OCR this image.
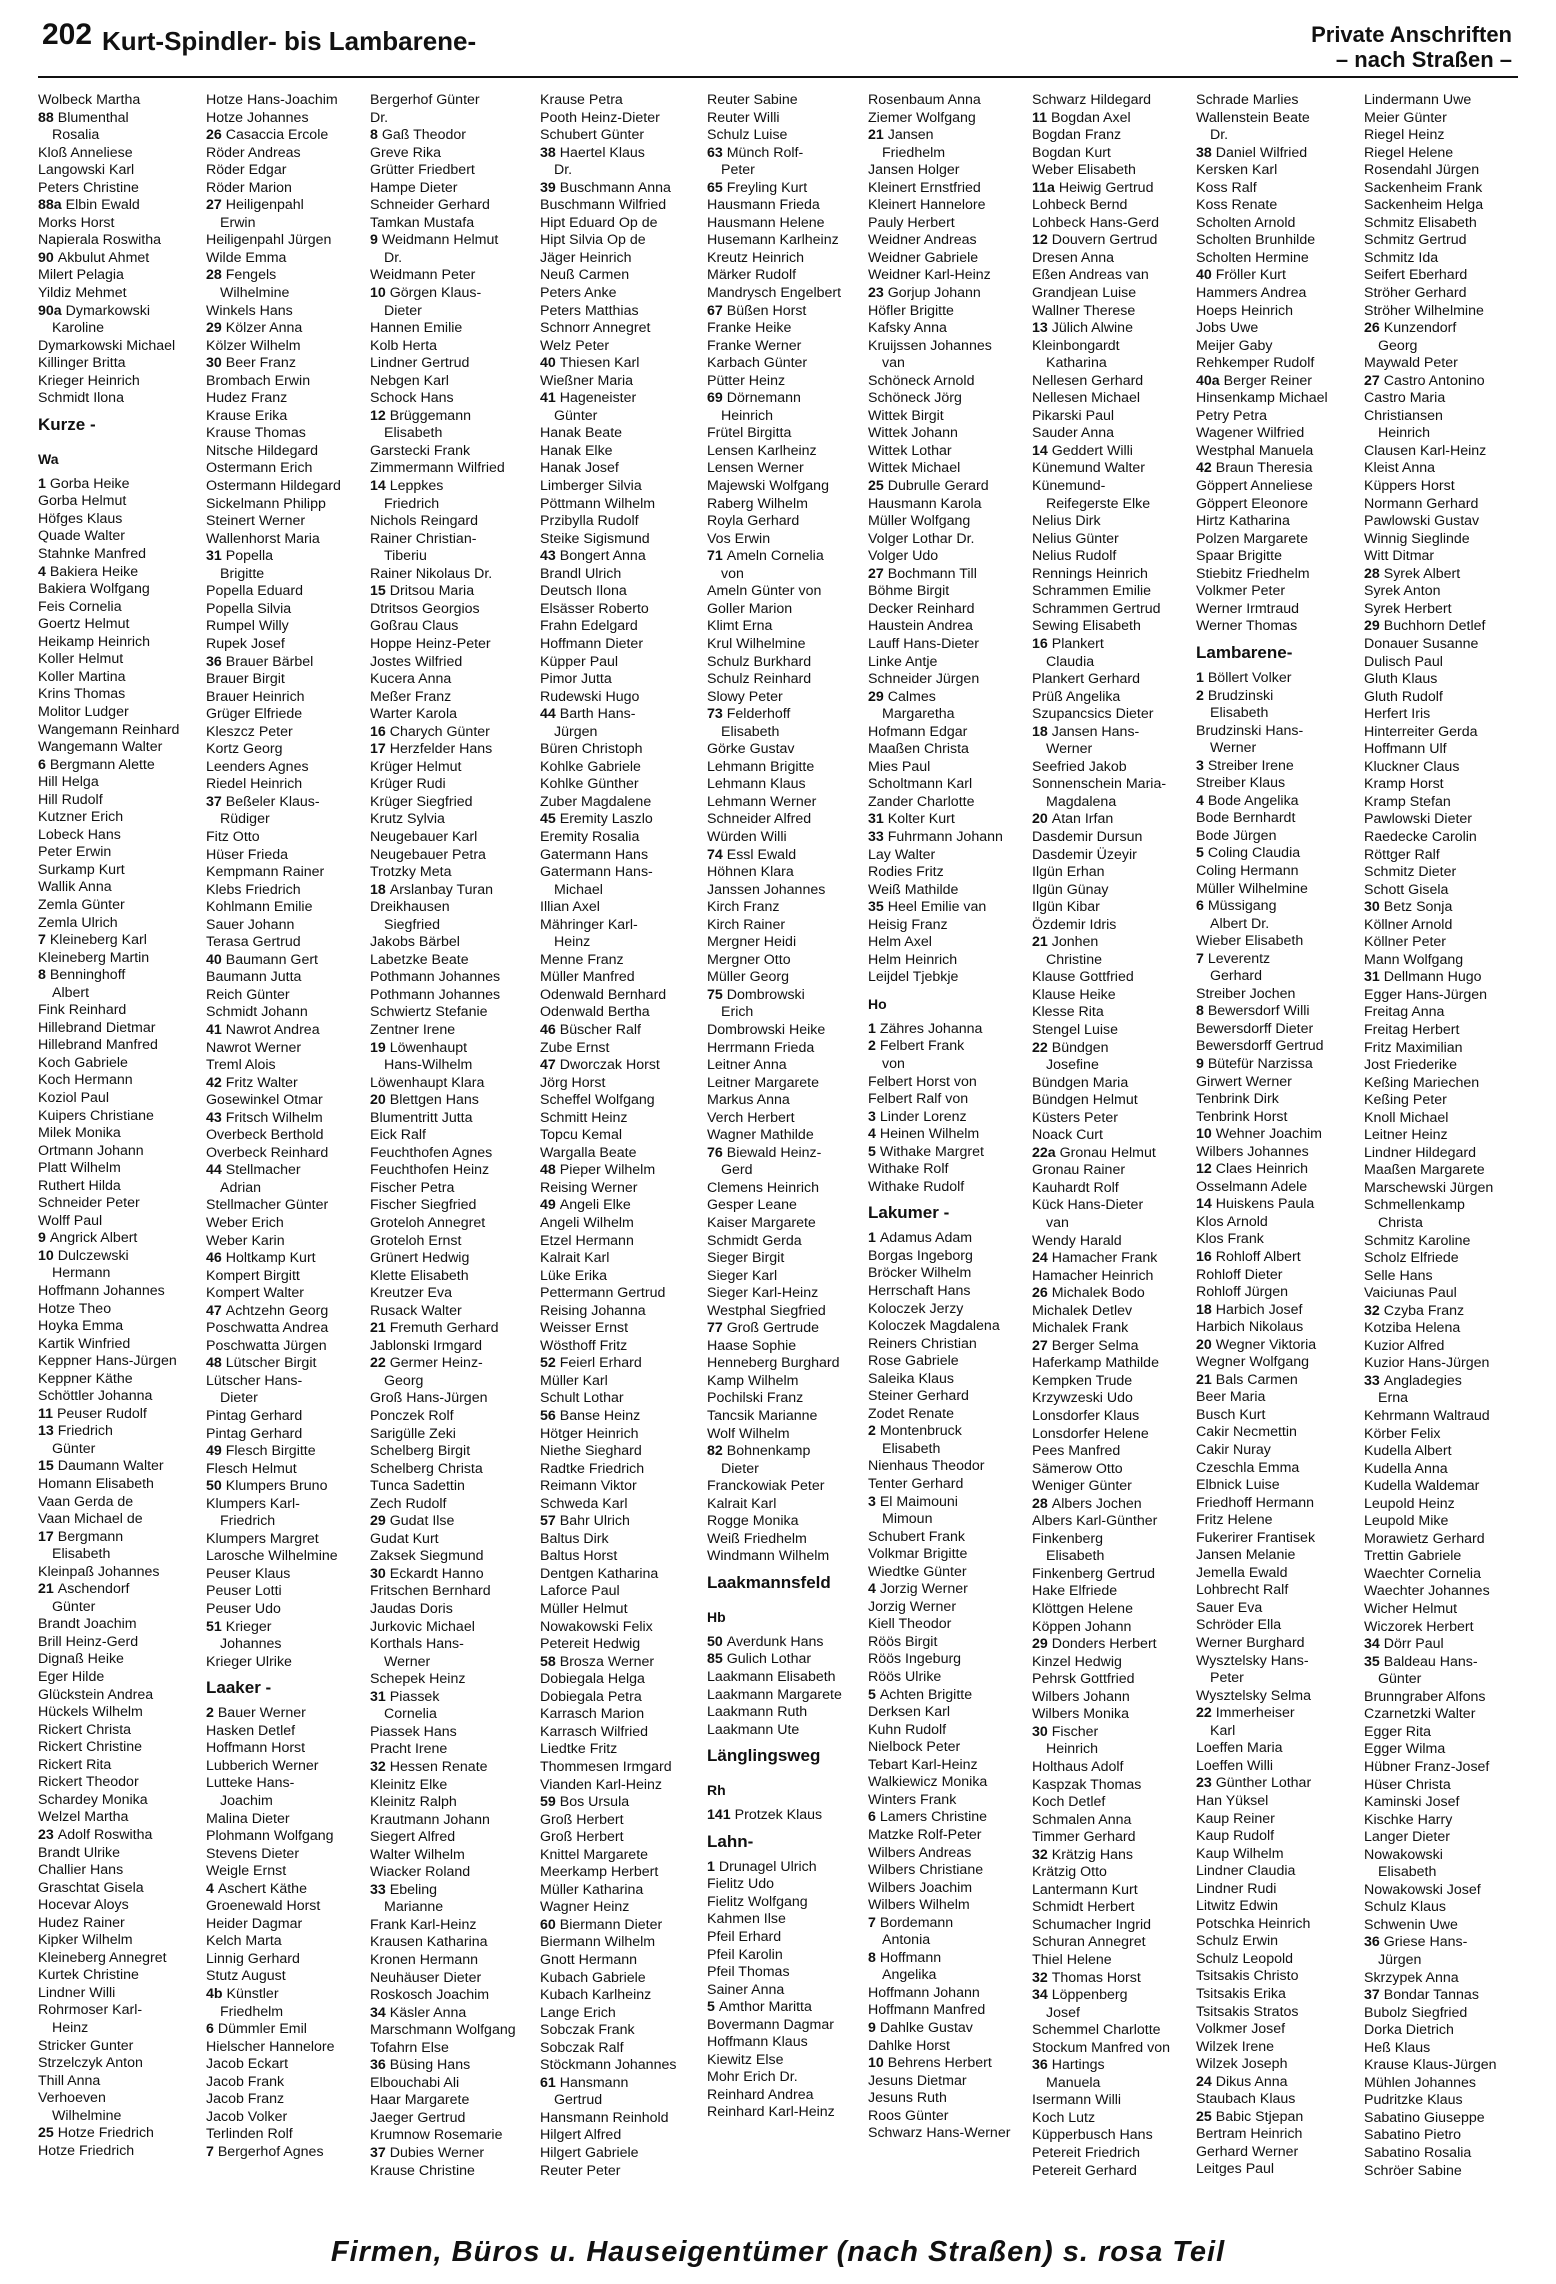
202 Kurt-Spindler- bis Lambarene-	Private Anschriften
– nach Straßen –
Wolbeck Martha
88 Blumenthal
Rosalia
Kloß Anneliese
Langowski Karl
Peters Christine
88a Elbin Ewald
Morks Horst
Napierala Roswitha
90 Akbulut Ahmet
Milert Pelagia
Yildiz Mehmet
90a Dymarkowski
Karoline
Dymarkowski Michael
Killinger Britta
Krieger Heinrich
Schmidt Ilona
Kurze -
Wa
1 Gorba Heike
Gorba Helmut
Höfges Klaus
Quade Walter
Stahnke Manfred
4 Bakiera Heike
Bakiera Wolfgang
Feis Cornelia
Goertz Helmut
Heikamp Heinrich
Koller Helmut
Koller Martina
Krins Thomas
Molitor Ludger
Wangemann Reinhard
Wangemann Walter
6 Bergmann Alette
Hill Helga
Hill Rudolf
Kutzner Erich
Lobeck Hans
Peter Erwin
Surkamp Kurt
Wallik Anna
Zemla Günter
Zemla Ulrich
7 Kleineberg Karl
Kleineberg Martin
8 Benninghoff
Albert
Fink Reinhard
Hillebrand Dietmar
Hillebrand Manfred
Koch Gabriele
Koch Hermann
Koziol Paul
Kuipers Christiane
Milek Monika
Ortmann Johann
Platt Wilhelm
Ruthert Hilda
Schneider Peter
Wolff Paul
9 Angrick Albert
10 Dulczewski
Hermann
Hoffmann Johannes
Hotze Theo
Hoyka Emma
Kartik Winfried
Keppner Hans-Jürgen
Keppner Käthe
Schöttler Johanna
11 Peuser Rudolf
13 Friedrich
Günter
15 Daumann Walter
Homann Elisabeth
Vaan Gerda de
Vaan Michael de
17 Bergmann
Elisabeth
Kleinpaß Johannes
21 Aschendorf
Günter
Brandt Joachim
Brill Heinz-Gerd
Dignaß Heike
Eger Hilde
Glückstein Andrea
Hückels Wilhelm
Rickert Christa
Rickert Christine
Rickert Rita
Rickert Theodor
Schardey Monika
Welzel Martha
23 Adolf Roswitha
Brandt Ulrike
Challier Hans
Graschtat Gisela
Hocevar Aloys
Hudez Rainer
Kipker Wilhelm
Kleineberg Annegret
Kurtek Christine
Lindner Willi
Rohrmoser Karl-
Heinz
Stricker Gunter
Strzelczyk Anton
Thill Anna
Verhoeven
Wilhelmine
25 Hotze Friedrich
Hotze Friedrich
Hotze Hans-Joachim
Hotze Johannes
26 Casaccia Ercole
Röder Andreas
Röder Edgar
Röder Marion
27 Heiligenpahl
Erwin
Heiligenpahl Jürgen
Wilde Emma
28 Fengels
Wilhelmine
Winkels Hans
29 Kölzer Anna
Kölzer Wilhelm
30 Beer Franz
Brombach Erwin
Hudez Franz
Krause Erika
Krause Thomas
Nitsche Hildegard
Ostermann Erich
Ostermann Hildegard
Sickelmann Philipp
Steinert Werner
Wallenhorst Maria
31 Popella
Brigitte
Popella Eduard
Popella Silvia
Rumpel Willy
Rupek Josef
36 Brauer Bärbel
Brauer Birgit
Brauer Heinrich
Grüger Elfriede
Kleszcz Peter
Kortz Georg
Leenders Agnes
Riedel Heinrich
37 Beßeler Klaus-
Rüdiger
Fitz Otto
Hüser Frieda
Kempmann Rainer
Klebs Friedrich
Kohlmann Emilie
Sauer Johann
Terasa Gertrud
40 Baumann Gert
Baumann Jutta
Reich Günter
Schmidt Johann
41 Nawrot Andrea
Nawrot Werner
Treml Alois
42 Fritz Walter
Gosewinkel Otmar
43 Fritsch Wilhelm
Overbeck Berthold
Overbeck Reinhard
44 Stellmacher
Adrian
Stellmacher Günter
Weber Erich
Weber Karin
46 Holtkamp Kurt
Kompert Birgitt
Kompert Walter
47 Achtzehn Georg
Poschwatta Andrea
Poschwatta Jürgen
48 Lütscher Birgit
Lütscher Hans-
Dieter
Pintag Gerhard
Pintag Gerhard
49 Flesch Birgitte
Flesch Helmut
50 Klumpers Bruno
Klumpers Karl-
Friedrich
Klumpers Margret
Larosche Wilhelmine
Peuser Klaus
Peuser Lotti
Peuser Udo
51 Krieger
Johannes
Krieger Ulrike
Laaker -
2 Bauer Werner
Hasken Detlef
Hoffmann Horst
Lubberich Werner
Lutteke Hans-
Joachim
Malina Dieter
Plohmann Wolfgang
Stevens Dieter
Weigle Ernst
4 Aschert Käthe
Groenewald Horst
Heider Dagmar
Kelch Marta
Linnig Gerhard
Stutz August
4b Künstler
Friedhelm
6 Dümmler Emil
Hielscher Hannelore
Jacob Eckart
Jacob Frank
Jacob Franz
Jacob Volker
Terlinden Rolf
7 Bergerhof Agnes
Bergerhof Günter
Dr.
8 Gaß Theodor
Greve Rika
Grütter Friedbert
Hampe Dieter
Schneider Gerhard
Tamkan Mustafa
9 Weidmann Helmut
Dr.
Weidmann Peter
10 Görgen Klaus-
Dieter
Hannen Emilie
Kolb Herta
Lindner Gertrud
Nebgen Karl
Schock Hans
12 Brüggemann
Elisabeth
Garstecki Frank
Zimmermann Wilfried
14 Leppkes
Friedrich
Nichols Reingard
Rainer Christian-
Tiberiu
Rainer Nikolaus Dr.
15 Dritsou Maria
Dtritsos Georgios
Goßrau Claus
Hoppe Heinz-Peter
Jostes Wilfried
Kucera Anna
Meßer Franz
Warter Karola
16 Charych Günter
17 Herzfelder Hans
Krüger Helmut
Krüger Rudi
Krüger Siegfried
Krutz Sylvia
Neugebauer Karl
Neugebauer Petra
Trotzky Meta
18 Arslanbay Turan
Dreikhausen
Siegfried
Jakobs Bärbel
Labetzke Beate
Pothmann Johannes
Pothmann Johannes
Schwiertz Stefanie
Zentner Irene
19 Löwenhaupt
Hans-Wilhelm
Löwenhaupt Klara
20 Blettgen Hans
Blumentritt Jutta
Eick Ralf
Feuchthofen Agnes
Feuchthofen Heinz
Fischer Petra
Fischer Siegfried
Groteloh Annegret
Groteloh Ernst
Grünert Hedwig
Klette Elisabeth
Kreutzer Eva
Rusack Walter
21 Fremuth Gerhard
Jablonski Irmgard
22 Germer Heinz-
Georg
Groß Hans-Jürgen
Ponczek Rolf
Sarigülle Zeki
Schelberg Birgit
Schelberg Christa
Tunca Sadettin
Zech Rudolf
29 Gudat Ilse
Gudat Kurt
Zaksek Siegmund
30 Eckardt Hanno
Fritschen Bernhard
Jaudas Doris
Jurkovic Michael
Korthals Hans-
Werner
Schepek Heinz
31 Piassek
Cornelia
Piassek Hans
Pracht Irene
32 Hessen Renate
Kleinitz Elke
Kleinitz Ralph
Krautmann Johann
Siegert Alfred
Walter Wilhelm
Wiacker Roland
33 Ebeling
Marianne
Frank Karl-Heinz
Krausen Katharina
Kronen Hermann
Neuhäuser Dieter
Roskosch Joachim
34 Käsler Anna
Marschmann Wolfgang
Tofahrn Else
36 Büsing Hans
Elbouchabi Ali
Haar Margarete
Jaeger Gertrud
Krumnow Rosemarie
37 Dubies Werner
Krause Christine
Krause Petra
Pooth Heinz-Dieter
Schubert Günter
38 Haertel Klaus
Dr.
39 Buschmann Anna
Buschmann Wilfried
Hipt Eduard Op de
Hipt Silvia Op de
Jäger Heinrich
Neuß Carmen
Peters Anke
Peters Matthias
Schnorr Annegret
Welz Peter
40 Thiesen Karl
Wießner Maria
41 Hageneister
Günter
Hanak Beate
Hanak Elke
Hanak Josef
Limberger Silvia
Pöttmann Wilhelm
Przibylla Rudolf
Steike Sigismund
43 Bongert Anna
Brandl Ulrich
Deutsch Ilona
Elsässer Roberto
Frahn Edelgard
Hoffmann Dieter
Küpper Paul
Pimor Jutta
Rudewski Hugo
44 Barth Hans-
Jürgen
Büren Christoph
Kohlke Gabriele
Kohlke Günther
Zuber Magdalene
45 Eremity Laszlo
Eremity Rosalia
Gatermann Hans
Gatermann Hans-
Michael
Illian Axel
Mähringer Karl-
Heinz
Menne Franz
Müller Manfred
Odenwald Bernhard
Odenwald Bertha
46 Büscher Ralf
Zube Ernst
47 Dworczak Horst
Jörg Horst
Scheffel Wolfgang
Schmitt Heinz
Topcu Kemal
Wargalla Beate
48 Pieper Wilhelm
Reising Werner
49 Angeli Elke
Angeli Wilhelm
Etzel Hermann
Kalrait Karl
Lüke Erika
Pettermann Gertrud
Reising Johanna
Weisser Ernst
Wösthoff Fritz
52 Feierl Erhard
Müller Karl
Schult Lothar
56 Banse Heinz
Hötger Heinrich
Niethe Sieghard
Radtke Friedrich
Reimann Viktor
Schweda Karl
57 Bahr Ulrich
Baltus Dirk
Baltus Horst
Dentgen Katharina
Laforce Paul
Müller Helmut
Nowakowski Felix
Petereit Hedwig
58 Brosza Werner
Dobiegala Helga
Dobiegala Petra
Karrasch Marion
Karrasch Wilfried
Liedtke Fritz
Thommesen Irmgard
Vianden Karl-Heinz
59 Bos Ursula
Groß Herbert
Groß Herbert
Knittel Margarete
Meerkamp Herbert
Müller Katharina
Wagner Heinz
60 Biermann Dieter
Biermann Wilhelm
Gnott Hermann
Kubach Gabriele
Kubach Karlheinz
Lange Erich
Sobczak Frank
Sobczak Ralf
Stöckmann Johannes
61 Hansmann
Gertrud
Hansmann Reinhold
Hilgert Alfred
Hilgert Gabriele
Reuter Peter
Reuter Sabine
Reuter Willi
Schulz Luise
63 Münch Rolf-
Peter
65 Freyling Kurt
Hausmann Frieda
Hausmann Helene
Husemann Karlheinz
Kreutz Heinrich
Märker Rudolf
Mandrysch Engelbert
67 Büßen Horst
Franke Heike
Franke Werner
Karbach Günter
Pütter Heinz
69 Dörnemann
Heinrich
Frütel Birgitta
Lensen Karlheinz
Lensen Werner
Majewski Wolfgang
Raberg Wilhelm
Royla Gerhard
Vos Erwin
71 Ameln Cornelia
von
Ameln Günter von
Goller Marion
Klimt Erna
Krul Wilhelmine
Schulz Burkhard
Schulz Reinhard
Slowy Peter
73 Felderhoff
Elisabeth
Görke Gustav
Lehmann Brigitte
Lehmann Klaus
Lehmann Werner
Schneider Alfred
Würden Willi
74 Essl Ewald
Höhnen Klara
Janssen Johannes
Kirch Franz
Kirch Rainer
Mergner Heidi
Mergner Otto
Müller Georg
75 Dombrowski
Erich
Dombrowski Heike
Herrmann Frieda
Leitner Anna
Leitner Margarete
Markus Anna
Verch Herbert
Wagner Mathilde
76 Biewald Heinz-
Gerd
Clemens Heinrich
Gesper Leane
Kaiser Margarete
Schmidt Gerda
Sieger Birgit
Sieger Karl
Sieger Karl-Heinz
Westphal Siegfried
77 Groß Gertrude
Haase Sophie
Henneberg Burghard
Kamp Wilhelm
Pochilski Franz
Tancsik Marianne
Wolf Wilhelm
82 Bohnenkamp
Dieter
Franckowiak Peter
Kalrait Karl
Rogge Monika
Weiß Friedhelm
Windmann Wilhelm
Laakmannsfeld
Hb
50 Averdunk Hans
85 Gulich Lothar
Laakmann Elisabeth
Laakmann Margarete
Laakmann Ruth
Laakmann Ute
Länglingsweg
Rh
141 Protzek Klaus
Lahn-
1 Drunagel Ulrich
Fielitz Udo
Fielitz Wolfgang
Kahmen Ilse
Pfeil Erhard
Pfeil Karolin
Pfeil Thomas
Sainer Anna
5 Amthor Maritta
Bovermann Dagmar
Hoffmann Klaus
Kiewitz Else
Mohr Erich Dr.
Reinhard Andrea
Reinhard Karl-Heinz
Rosenbaum Anna
Ziemer Wolfgang
21 Jansen
Friedhelm
Jansen Holger
Kleinert Ernstfried
Kleinert Hannelore
Pauly Herbert
Weidner Andreas
Weidner Gabriele
Weidner Karl-Heinz
23 Gorjup Johann
Höfler Brigitte
Kafsky Anna
Kruijssen Johannes
van
Schöneck Arnold
Schöneck Jörg
Wittek Birgit
Wittek Johann
Wittek Lothar
Wittek Michael
25 Dubrulle Gerard
Hausmann Karola
Müller Wolfgang
Volger Lothar Dr.
Volger Udo
27 Bochmann Till
Böhme Birgit
Decker Reinhard
Haustein Andrea
Lauff Hans-Dieter
Linke Antje
Schneider Jürgen
29 Calmes
Margaretha
Hofmann Edgar
Maaßen Christa
Mies Paul
Scholtmann Karl
Zander Charlotte
31 Kolter Kurt
33 Fuhrmann Johann
Lay Walter
Rodies Fritz
Weiß Mathilde
35 Heel Emilie van
Heisig Franz
Helm Axel
Helm Heinrich
Leijdel Tjebkje
Ho
1 Zähres Johanna
2 Felbert Frank
von
Felbert Horst von
Felbert Ralf von
3 Linder Lorenz
4 Heinen Wilhelm
5 Withake Margret
Withake Rolf
Withake Rudolf
Lakumer -
1 Adamus Adam
Borgas Ingeborg
Bröcker Wilhelm
Herrschaft Hans
Koloczek Jerzy
Koloczek Magdalena
Reiners Christian
Rose Gabriele
Saleika Klaus
Steiner Gerhard
Zodet Renate
2 Montenbruck
Elisabeth
Nienhaus Theodor
Tenter Gerhard
3 El Maimouni
Mimoun
Schubert Frank
Volkmar Brigitte
Wiedtke Günter
4 Jorzig Werner
Jorzig Werner
Kiell Theodor
Röös Birgit
Röös Ingeburg
Röös Ulrike
5 Achten Brigitte
Derksen Karl
Kuhn Rudolf
Nielbock Peter
Tebart Karl-Heinz
Walkiewicz Monika
Winters Frank
6 Lamers Christine
Matzke Rolf-Peter
Wilbers Andreas
Wilbers Christiane
Wilbers Joachim
Wilbers Wilhelm
7 Bordemann
Antonia
8 Hoffmann
Angelika
Hoffmann Johann
Hoffmann Manfred
9 Dahlke Gustav
Dahlke Horst
10 Behrens Herbert
Jesuns Dietmar
Jesuns Ruth
Roos Günter
Schwarz Hans-Werner
Schwarz Hildegard
11 Bogdan Axel
Bogdan Franz
Bogdan Kurt
Weber Elisabeth
11a Heiwig Gertrud
Lohbeck Bernd
Lohbeck Hans-Gerd
12 Douvern Gertrud
Dresen Anna
Eßen Andreas van
Grandjean Luise
Wallner Therese
13 Jülich Alwine
Kleinbongardt
Katharina
Nellesen Gerhard
Nellesen Michael
Pikarski Paul
Sauder Anna
14 Geddert Willi
Künemund Walter
Künemund-
Reifegerste Elke
Nelius Dirk
Nelius Günter
Nelius Rudolf
Rennings Heinrich
Schrammen Emilie
Schrammen Gertrud
Sewing Elisabeth
16 Plankert
Claudia
Plankert Gerhard
Prüß Angelika
Szupancsics Dieter
18 Jansen Hans-
Werner
Seefried Jakob
Sonnenschein Maria-
Magdalena
20 Atan Irfan
Dasdemir Dursun
Dasdemir Üzeyir
Ilgün Erhan
Ilgün Günay
Ilgün Kibar
Özdemir Idris
21 Jonhen
Christine
Klause Gottfried
Klause Heike
Klesse Rita
Stengel Luise
22 Bündgen
Josefine
Bündgen Maria
Bündgen Helmut
Küsters Peter
Noack Curt
22a Gronau Helmut
Gronau Rainer
Kauhardt Rolf
Kück Hans-Dieter
van
Wendy Harald
24 Hamacher Frank
Hamacher Heinrich
26 Michalek Bodo
Michalek Detlev
Michalek Frank
27 Berger Selma
Haferkamp Mathilde
Kempken Trude
Krzywzeski Udo
Lonsdorfer Klaus
Lonsdorfer Helene
Pees Manfred
Sämerow Otto
Weniger Günter
28 Albers Jochen
Albers Karl-Günther
Finkenberg
Elisabeth
Finkenberg Gertrud
Hake Elfriede
Klöttgen Helene
Köppen Johann
29 Donders Herbert
Kinzel Hedwig
Pehrsk Gottfried
Wilbers Johann
Wilbers Monika
30 Fischer
Heinrich
Holthaus Adolf
Kaspzak Thomas
Koch Detlef
Schmalen Anna
Timmer Gerhard
32 Krätzig Hans
Krätzig Otto
Lantermann Kurt
Schmidt Herbert
Schumacher Ingrid
Schuran Annegret
Thiel Helene
32 Thomas Horst
34 Löppenberg
Josef
Schemmel Charlotte
Stockum Manfred von
36 Hartings
Manuela
Isermann Willi
Koch Lutz
Küpperbusch Hans
Petereit Friedrich
Petereit Gerhard
Schrade Marlies
Wallenstein Beate
Dr.
38 Daniel Wilfried
Kersken Karl
Koss Ralf
Koss Renate
Scholten Arnold
Scholten Brunhilde
Scholten Hermine
40 Fröller Kurt
Hammers Andrea
Hoeps Heinrich
Jobs Uwe
Meijer Gaby
Rehkemper Rudolf
40a Berger Reiner
Hinsenkamp Michael
Petry Petra
Wagener Wilfried
Westphal Manuela
42 Braun Theresia
Göppert Anneliese
Göppert Eleonore
Hirtz Katharina
Polzen Margarete
Spaar Brigitte
Stiebitz Friedhelm
Volkmer Peter
Werner Irmtraud
Werner Thomas
Lambarene-
1 Böllert Volker
2 Brudzinski
Elisabeth
Brudzinski Hans-
Werner
3 Streiber Irene
Streiber Klaus
4 Bode Angelika
Bode Bernhardt
Bode Jürgen
5 Coling Claudia
Coling Hermann
Müller Wilhelmine
6 Müssigang
Albert Dr.
Wieber Elisabeth
7 Leverentz
Gerhard
Streiber Jochen
8 Bewersdorf Willi
Bewersdorff Dieter
Bewersdorff Gertrud
9 Bütefür Narzissa
Girwert Werner
Tenbrink Dirk
Tenbrink Horst
10 Wehner Joachim
Wilbers Johannes
12 Claes Heinrich
Osselmann Adele
14 Huiskens Paula
Klos Arnold
Klos Frank
16 Rohloff Albert
Rohloff Dieter
Rohloff Jürgen
18 Harbich Josef
Harbich Nikolaus
20 Wegner Viktoria
Wegner Wolfgang
21 Bals Carmen
Beer Maria
Busch Kurt
Cakir Necmettin
Cakir Nuray
Czeschla Emma
Elbnick Luise
Friedhoff Hermann
Fritz Helene
Fukerirer Frantisek
Jansen Melanie
Jemella Ewald
Lohbrecht Ralf
Sauer Eva
Schröder Ella
Werner Burghard
Wysztelsky Hans-
Peter
Wysztelsky Selma
22 Immerheiser
Karl
Loeffen Maria
Loeffen Willi
23 Günther Lothar
Han Yüksel
Kaup Reiner
Kaup Rudolf
Kaup Wilhelm
Lindner Claudia
Lindner Rudi
Litwitz Edwin
Potschka Heinrich
Schulz Erwin
Schulz Leopold
Tsitsakis Christo
Tsitsakis Erika
Tsitsakis Stratos
Volkmer Josef
Wilzek Irene
Wilzek Joseph
24 Dikus Anna
Staubach Klaus
25 Babic Stjepan
Bertram Heinrich
Gerhard Werner
Leitges Paul
Lindermann Uwe
Meier Günter
Riegel Heinz
Riegel Helene
Rosendahl Jürgen
Sackenheim Frank
Sackenheim Helga
Schmitz Elisabeth
Schmitz Gertrud
Schmitz Ida
Seifert Eberhard
Ströher Gerhard
Ströher Wilhelmine
26 Kunzendorf
Georg
Maywald Peter
27 Castro Antonino
Castro Maria
Christiansen
Heinrich
Clausen Karl-Heinz
Kleist Anna
Küppers Horst
Normann Gerhard
Pawlowski Gustav
Winnig Sieglinde
Witt Ditmar
28 Syrek Albert
Syrek Anton
Syrek Herbert
29 Buchhorn Detlef
Donauer Susanne
Dulisch Paul
Gluth Klaus
Gluth Rudolf
Herfert Iris
Hinterreiter Gerda
Hoffmann Ulf
Kluckner Claus
Kramp Horst
Kramp Stefan
Pawlowski Dieter
Raedecke Carolin
Röttger Ralf
Schmitz Dieter
Schott Gisela
30 Betz Sonja
Köllner Arnold
Köllner Peter
Mann Wolfgang
31 Dellmann Hugo
Egger Hans-Jürgen
Freitag Anna
Freitag Herbert
Fritz Maximilian
Jost Friederike
Keßing Mariechen
Keßing Peter
Knoll Michael
Leitner Heinz
Lindner Hildegard
Maaßen Margarete
Marschewski Jürgen
Schmellenkamp
Christa
Schmitz Karoline
Scholz Elfriede
Selle Hans
Vaiciunas Paul
32 Czyba Franz
Kotziba Helena
Kuzior Alfred
Kuzior Hans-Jürgen
33 Angladegies
Erna
Kehrmann Waltraud
Körber Felix
Kudella Albert
Kudella Anna
Kudella Waldemar
Leupold Heinz
Leupold Mike
Morawietz Gerhard
Trettin Gabriele
Waechter Cornelia
Waechter Johannes
Wicher Helmut
Wiczorek Herbert
34 Dörr Paul
35 Baldeau Hans-
Günter
Brunngraber Alfons
Czarnetzki Walter
Egger Rita
Egger Wilma
Hübner Franz-Josef
Hüser Christa
Kaminski Josef
Kischke Harry
Langer Dieter
Nowakowski
Elisabeth
Nowakowski Josef
Schulz Klaus
Schwenin Uwe
36 Griese Hans-
Jürgen
Skrzypek Anna
37 Bondar Tannas
Bubolz Siegfried
Dorka Dietrich
Heß Klaus
Krause Klaus-Jürgen
Mühlen Johannes
Pudritzke Klaus
Sabatino Giuseppe
Sabatino Pietro
Sabatino Rosalia
Schröer Sabine
Firmen, Büros u. Hauseigentümer (nach Straßen) s. rosa Teil
